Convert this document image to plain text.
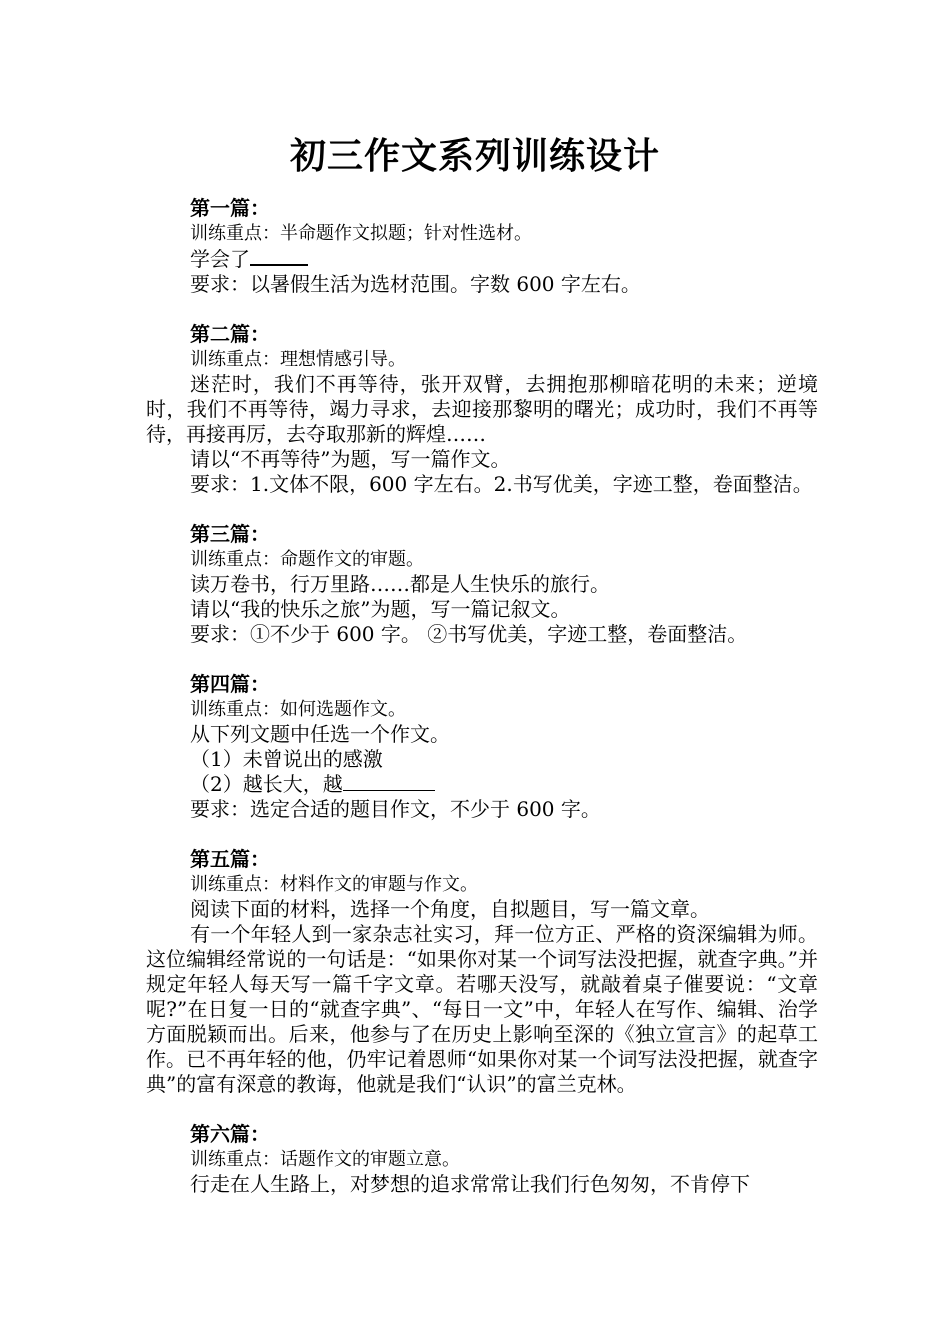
初三作文系列训练设计
第一篇：
训练重点：半命题作文拟题；针对性选材。
学会了
要求：以暑假生活为选材范围。字数 600 字左右。
第二篇：
训练重点：理想情感引导。
迷茫时，我们不再等待，张开双臂，去拥抱那柳暗花明的未来；逆境时，我们不再等待，竭力寻求，去迎接那黎明的曙光；成功时，我们不再等待，再接再厉，去夺取那新的辉煌……
请以“不再等待”为题，写一篇作文。
要求：1.文体不限，600 字左右。2.书写优美，字迹工整，卷面整洁。
第三篇：
训练重点：命题作文的审题。
读万卷书，行万里路……都是人生快乐的旅行。
请以“我的快乐之旅”为题，写一篇记叙文。
要求：①不少于 600 字。 ②书写优美，字迹工整，卷面整洁。
第四篇：
训练重点：如何选题作文。
从下列文题中任选一个作文。
（1）未曾说出的感激
（2）越长大，越
要求：选定合适的题目作文，不少于 600 字。
第五篇：
训练重点：材料作文的审题与作文。
阅读下面的材料，选择一个角度，自拟题目，写一篇文章。
有一个年轻人到一家杂志社实习，拜一位方正、严格的资深编辑为师。这位编辑经常说的一句话是：“如果你对某一个词写法没把握，就查字典。”并规定年轻人每天写一篇千字文章。若哪天没写，就敲着桌子催要说：“文章呢?”在日复一日的“就查字典”、“每日一文”中，年轻人在写作、编辑、治学方面脱颖而出。后来，他参与了在历史上影响至深的《独立宣言》的起草工作。已不再年轻的他，仍牢记着恩师“如果你对某一个词写法没把握，就查字典”的富有深意的教诲，他就是我们“认识”的富兰克林。
第六篇：
训练重点：话题作文的审题立意。
行走在人生路上，对梦想的追求常常让我们行色匆匆，不肯停下
